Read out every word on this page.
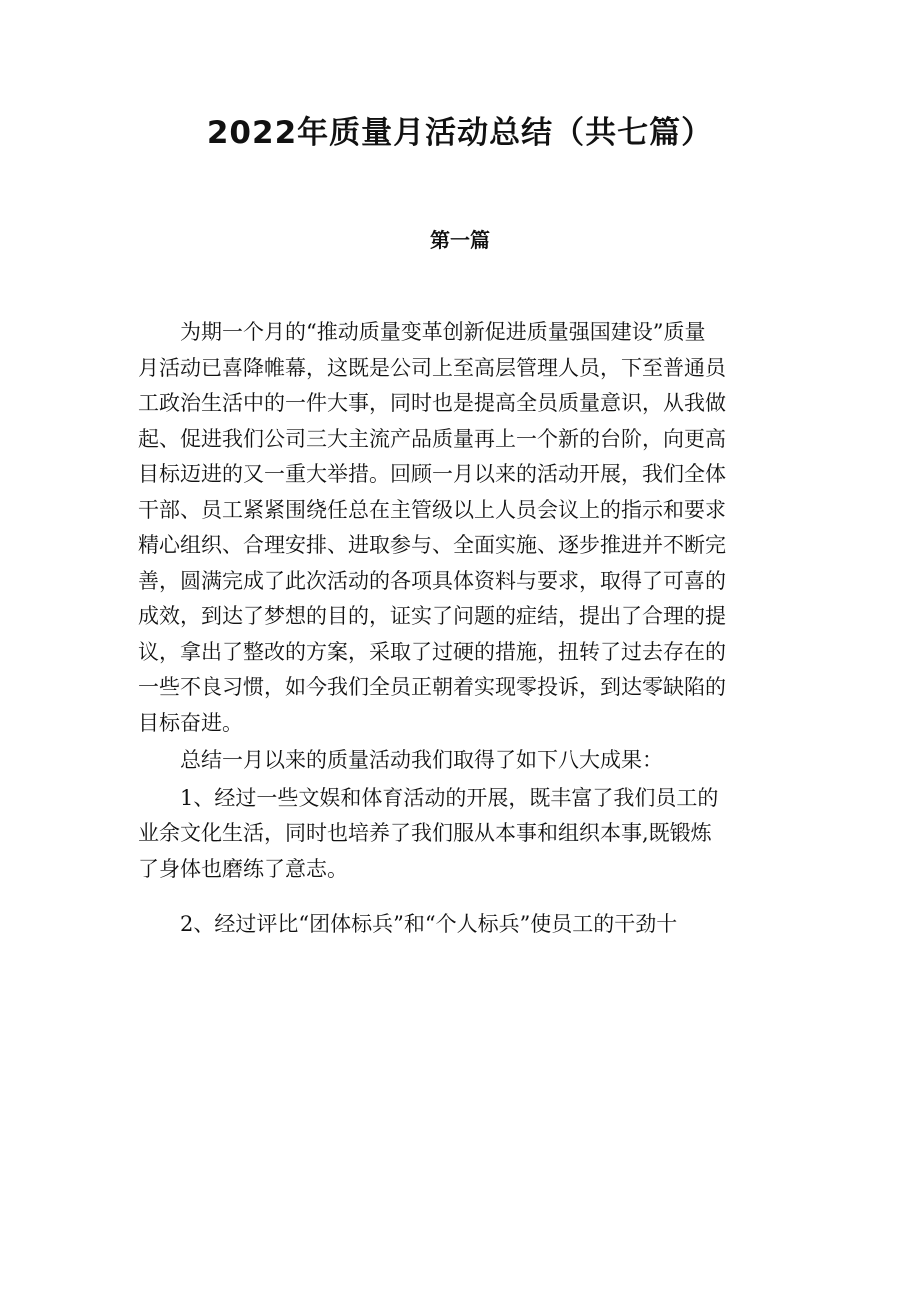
2022年质量月活动总结（共七篇）
第一篇

为期一个月的“推动质量变革创新促进质量强国建设”质量
月活动已喜降帷幕，这既是公司上至高层管理人员，下至普通员
工政治生活中的一件大事，同时也是提高全员质量意识，从我做
起、促进我们公司三大主流产品质量再上一个新的台阶，向更高
目标迈进的又一重大举措。回顾一月以来的活动开展，我们全体
干部、员工紧紧围绕任总在主管级以上人员会议上的指示和要求
精心组织、合理安排、进取参与、全面实施、逐步推进并不断完
善，圆满完成了此次活动的各项具体资料与要求，取得了可喜的
成效，到达了梦想的目的，证实了问题的症结，提出了合理的提
议，拿出了整改的方案，采取了过硬的措施，扭转了过去存在的
一些不良习惯，如今我们全员正朝着实现零投诉，到达零缺陷的
目标奋进。

总结一月以来的质量活动我们取得了如下八大成果：

1、经过一些文娱和体育活动的开展，既丰富了我们员工的
业余文化生活，同时也培养了我们服从本事和组织本事,既锻炼
了身体也磨练了意志。

2、经过评比“团体标兵”和“个人标兵”使员工的干劲十
